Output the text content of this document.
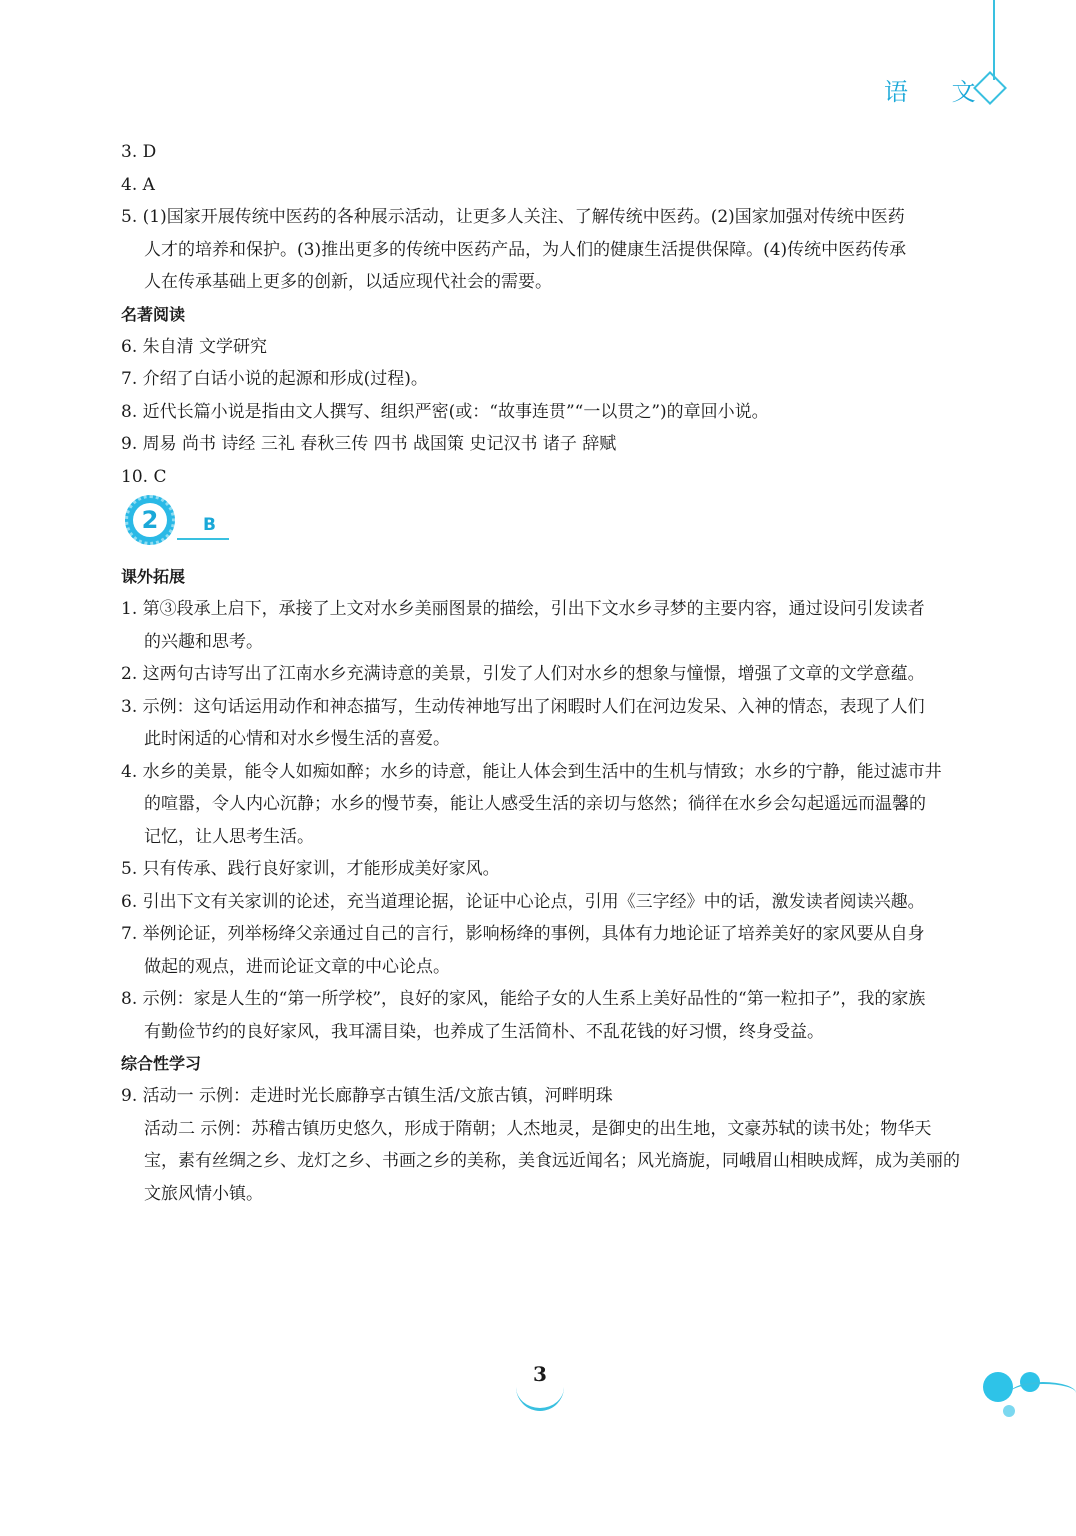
语 文
3. D
4. A
5. (1)国家开展传统中医药的各种展示活动，让更多人关注、了解传统中医药。(2)国家加强对传统中医药
人才的培养和保护。(3)推出更多的传统中医药产品，为人们的健康生活提供保障。(4)传统中医药传承
人在传承基础上更多的创新，以适应现代社会的需要。
名著阅读
6. 朱自清 文学研究
7. 介绍了白话小说的起源和形成(过程)。
8. 近代长篇小说是指由文人撰写、组织严密(或：“故事连贯”“一以贯之”)的章回小说。
9. 周易 尚书 诗经 三礼 春秋三传 四书 战国策 史记汉书 诸子 辞赋
10. C
2	B
课外拓展
1. 第③段承上启下，承接了上文对水乡美丽图景的描绘，引出下文水乡寻梦的主要内容，通过设问引发读者
的兴趣和思考。
2. 这两句古诗写出了江南水乡充满诗意的美景，引发了人们对水乡的想象与憧憬，增强了文章的文学意蕴。
3. 示例：这句话运用动作和神态描写，生动传神地写出了闲暇时人们在河边发呆、入神的情态，表现了人们
此时闲适的心情和对水乡慢生活的喜爱。
4. 水乡的美景，能令人如痴如醉；水乡的诗意，能让人体会到生活中的生机与情致；水乡的宁静，能过滤市井
的喧嚣，令人内心沉静；水乡的慢节奏，能让人感受生活的亲切与悠然；徜徉在水乡会勾起遥远而温馨的
记忆，让人思考生活。
5. 只有传承、践行良好家训，才能形成美好家风。
6. 引出下文有关家训的论述，充当道理论据，论证中心论点，引用《三字经》中的话，激发读者阅读兴趣。
7. 举例论证，列举杨绛父亲通过自己的言行，影响杨绛的事例，具体有力地论证了培养美好的家风要从自身
做起的观点，进而论证文章的中心论点。
8. 示例：家是人生的“第一所学校”，良好的家风，能给子女的人生系上美好品性的“第一粒扣子”，我的家族
有勤俭节约的良好家风，我耳濡目染，也养成了生活简朴、不乱花钱的好习惯，终身受益。
综合性学习
9. 活动一 示例：走进时光长廊静享古镇生活/文旅古镇，河畔明珠
活动二 示例：苏稽古镇历史悠久，形成于隋朝；人杰地灵，是御史的出生地，文豪苏轼的读书处；物华天
宝，素有丝绸之乡、龙灯之乡、书画之乡的美称，美食远近闻名；风光旖旎，同峨眉山相映成辉，成为美丽的
文旅风情小镇。
3
